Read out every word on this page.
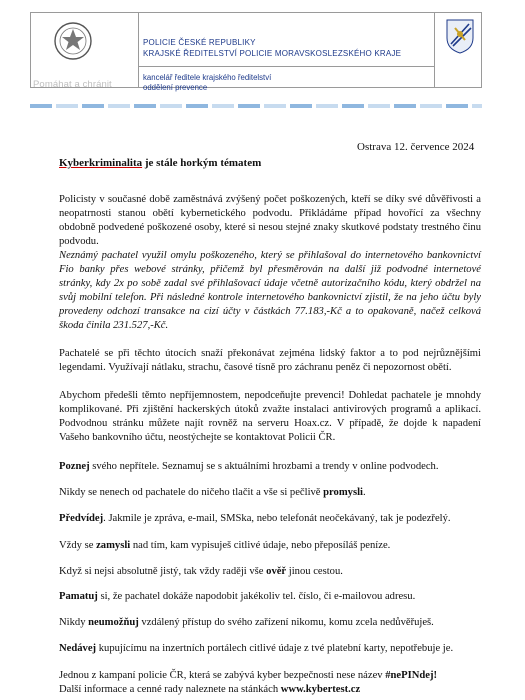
Pomáhat a chránit
POLICIE ČESKÉ REPUBLIKY
KRAJSKÉ ŘEDITELSTVÍ POLICIE MORAVSKOSLEZSKÉHO KRAJE
kancelář ředitele krajského ředitelství
oddělení prevence
Ostrava 12. července 2024
Kyberkriminalita je stále horkým tématem
Policisty v současné době zaměstnává zvýšený počet poškozených, kteří se díky své důvěřivosti a neopatrnosti stanou obětí kybernetického podvodu. Přikládáme případ hovořící za všechny obdobně podvedené poškozené osoby, které si nesou stejné znaky skutkové podstaty trestného činu podvodu.
Neznámý pachatel využil omylu poškozeného, který se přihlašoval do internetového bankovnictví Fio banky přes webové stránky, přičemž byl přesměrován na další již podvodné internetové stránky, kdy 2x po sobě zadal své přihlašovací údaje včetně autorizačního kódu, který obdržel na svůj mobilní telefon. Při následné kontrole internetového bankovnictví zjistil, že na jeho účtu byly provedeny odchozí transakce na cizí účty v částkách 77.183,-Kč a to opakovaně, načež celková škoda činila 231.527,-Kč.
Pachatelé se při těchto útocích snaží překonávat zejména lidský faktor a to pod nejrůznějšími legendami. Využívají nátlaku, strachu, časové tísně pro záchranu peněz či nepozornost obětí.
Abychom předešli těmto nepříjemnostem, nepodceňujte prevenci! Dohledat pachatele je mnohdy komplikované. Při zjištění hackerských útoků zvažte instalaci antivirových programů a aplikací. Podvodnou stránku můžete najít rovněž na serveru Hoax.cz. V případě, že dojde k napadení Vašeho bankovního účtu, neostýchejte se kontaktovat Policii ČR.
Poznej svého nepřítele. Seznamuj se s aktuálními hrozbami a trendy v online podvodech.
Nikdy se nenech od pachatele do ničeho tlačit a vše si pečlivě promysli.
Předvídej. Jakmile je zpráva, e-mail, SMSka, nebo telefonát neočekávaný, tak je podezřelý.
Vždy se zamysli nad tím, kam vypisuješ citlivé údaje, nebo přeposíláš peníze.
Když si nejsi absolutně jistý, tak vždy raději vše ověř jinou cestou.
Pamatuj si, že pachatel dokáže napodobit jakékoliv tel. číslo, či e-mailovou adresu.
Nikdy neumožňuj vzdálený přístup do svého zařízení nikomu, komu zcela nedůvěřuješ.
Nedávej kupujícímu na inzertních portálech citlivé údaje z tvé platební karty, nepotřebuje je.
Jednou z kampaní policie ČR, která se zabývá kyber bezpečnosti nese název #nePINdej!
Další informace a cenné rady naleznete na stánkách www.kybertest.cz
